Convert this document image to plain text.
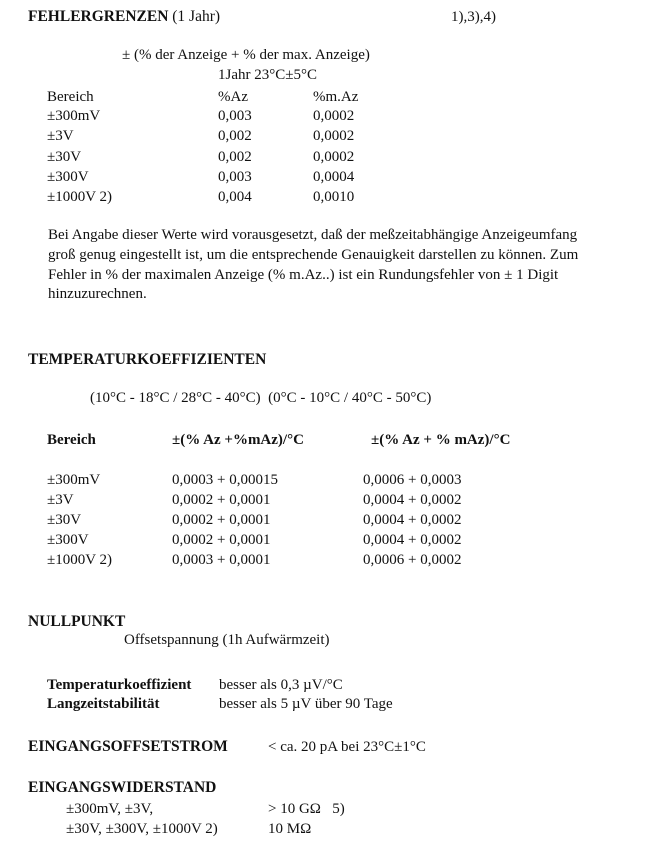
FEHLERGRENZEN (1 Jahr)	1),3),4)
± (% der Anzeige + % der max. Anzeige)
1Jahr 23°C±5°C
Bereich	%Az	%m.Az
±300mV	0,003	0,0002
±3V	0,002	0,0002
±30V	0,002	0,0002
±300V	0,003	0,0004
±1000V 2)	0,004	0,0010
Bei Angabe dieser Werte wird vorausgesetzt, daß der meßzeitabhängige Anzeigeumfang groß genug eingestellt ist, um die entsprechende Genauigkeit darstellen zu können. Zum Fehler in % der maximalen Anzeige (% m.Az..) ist ein Rundungsfehler von ± 1 Digit hinzuzurechnen.
TEMPERATURKOEFFIZIENTEN
(10°C - 18°C / 28°C - 40°C)  (0°C - 10°C / 40°C - 50°C)
Bereich	±(% Az +%mAz)/°C	±(% Az + % mAz)/°C
±300mV	0,0003 + 0,00015	0,0006 + 0,0003
±3V	0,0002 + 0,0001	0,0004 + 0,0002
±30V	0,0002 + 0,0001	0,0004 + 0,0002
±300V	0,0002 + 0,0001	0,0004 + 0,0002
±1000V 2)	0,0003 + 0,0001	0,0006 + 0,0002
NULLPUNKT
Offsetspannung (1h Aufwärmzeit)
Temperaturkoeffizient besser als 0,3 µV/°C
Langzeitstabilität	besser als 5 µV über 90 Tage
EINGANGSOFFSETSTROM	< ca. 20 pA bei 23°C±1°C
EINGANGSWIDERSTAND
±300mV, ±3V,	> 10 GΩ   5)
±30V, ±300V, ±1000V 2)	10 MΩ
